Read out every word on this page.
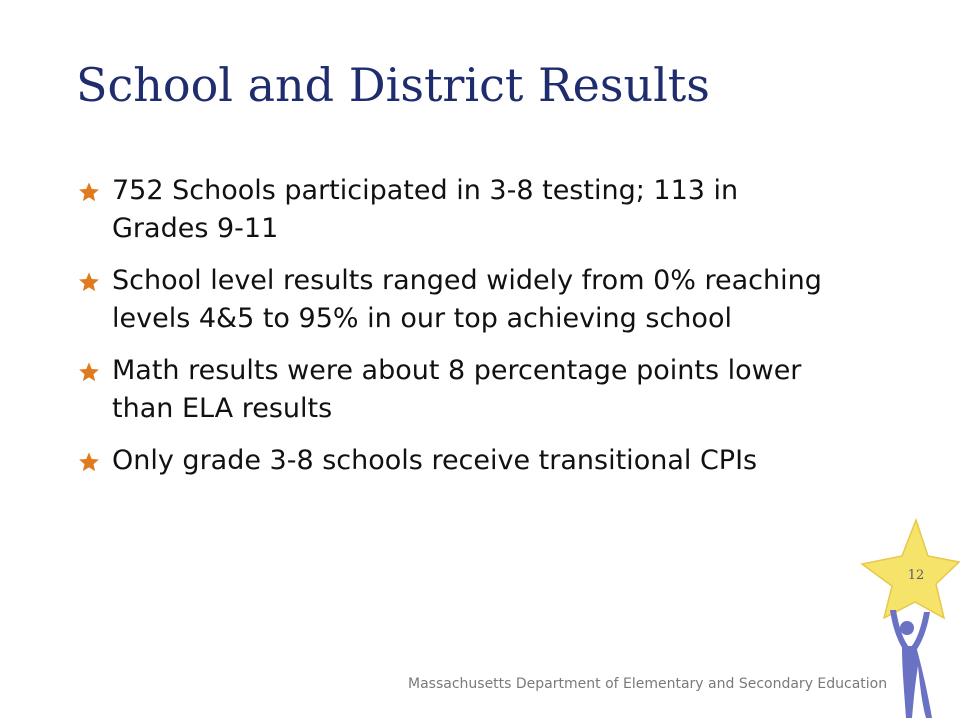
School and District Results
752 Schools participated in 3-8 testing; 113 in Grades 9-11
School level results ranged widely from 0% reaching levels 4&5 to 95% in our top achieving school
Math results were about 8 percentage points lower than ELA results
Only grade 3-8 schools receive transitional CPIs
Massachusetts Department of Elementary and Secondary Education
12
